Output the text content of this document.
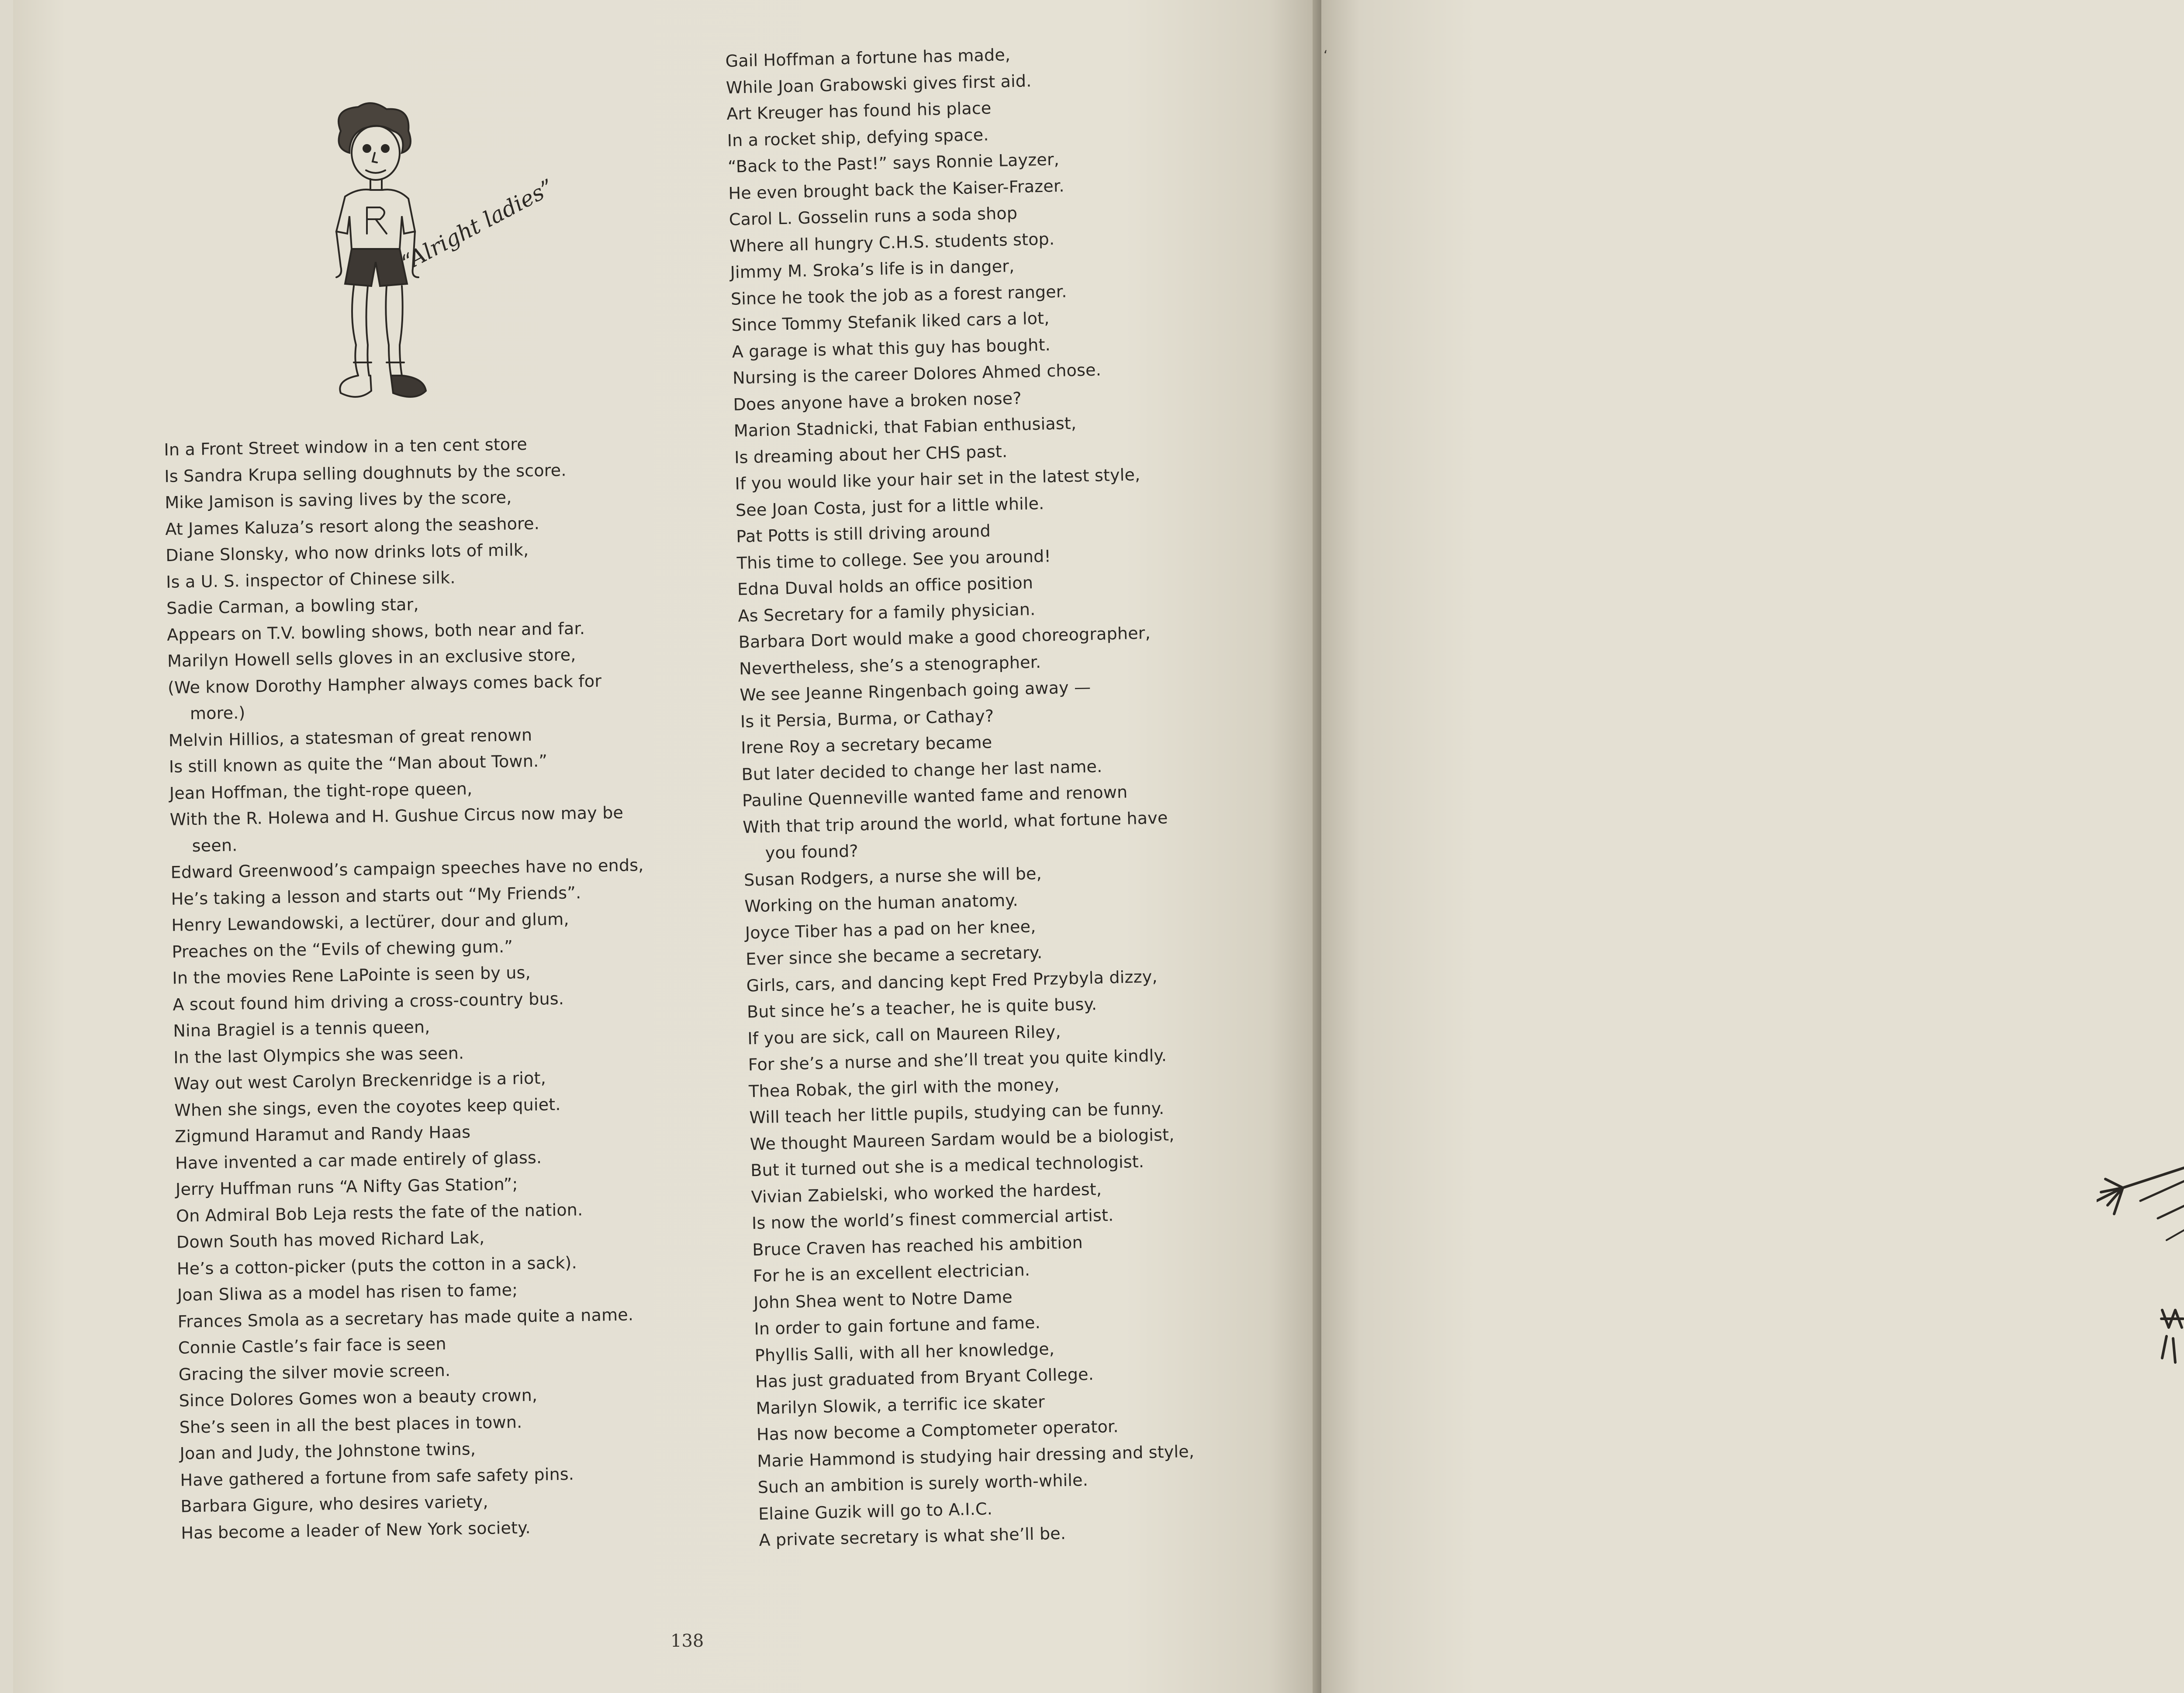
“Alright ladies”
In a Front Street window in a ten cent store
Is Sandra Krupa selling doughnuts by the score.
Mike Jamison is saving lives by the score,
At James Kaluza’s resort along the seashore.
Diane Slonsky, who now drinks lots of milk,
Is a U. S. inspector of Chinese silk.
Sadie Carman, a bowling star,
Appears on T.V. bowling shows, both near and far.
Marilyn Howell sells gloves in an exclusive store,
(We know Dorothy Hampher always comes back for
more.)
Melvin Hillios, a statesman of great renown
Is still known as quite the “Man about Town.”
Jean Hoffman, the tight-rope queen,
With the R. Holewa and H. Gushue Circus now may be
seen.
Edward Greenwood’s campaign speeches have no ends,
He’s taking a lesson and starts out “My Friends”.
Henry Lewandowski, a lectürer, dour and glum,
Preaches on the “Evils of chewing gum.”
In the movies Rene LaPointe is seen by us,
A scout found him driving a cross-country bus.
Nina Bragiel is a tennis queen,
In the last Olympics she was seen.
Way out west Carolyn Breckenridge is a riot,
When she sings, even the coyotes keep quiet.
Zigmund Haramut and Randy Haas
Have invented a car made entirely of glass.
Jerry Huffman runs “A Nifty Gas Station”;
On Admiral Bob Leja rests the fate of the nation.
Down South has moved Richard Lak,
He’s a cotton-picker (puts the cotton in a sack).
Joan Sliwa as a model has risen to fame;
Frances Smola as a secretary has made quite a name.
Connie Castle’s fair face is seen
Gracing the silver movie screen.
Since Dolores Gomes won a beauty crown,
She’s seen in all the best places in town.
Joan and Judy, the Johnstone twins,
Have gathered a fortune from safe safety pins.
Barbara Gigure, who desires variety,
Has become a leader of New York society.
Gail Hoffman a fortune has made,
While Joan Grabowski gives first aid.
Art Kreuger has found his place
In a rocket ship, defying space.
“Back to the Past!” says Ronnie Layzer,
He even brought back the Kaiser-Frazer.
Carol L. Gosselin runs a soda shop
Where all hungry C.H.S. students stop.
Jimmy M. Sroka’s life is in danger,
Since he took the job as a forest ranger.
Since Tommy Stefanik liked cars a lot,
A garage is what this guy has bought.
Nursing is the career Dolores Ahmed chose.
Does anyone have a broken nose?
Marion Stadnicki, that Fabian enthusiast,
Is dreaming about her CHS past.
If you would like your hair set in the latest style,
See Joan Costa, just for a little while.
Pat Potts is still driving around
This time to college. See you around!
Edna Duval holds an office position
As Secretary for a family physician.
Barbara Dort would make a good choreographer,
Nevertheless, she’s a stenographer.
We see Jeanne Ringenbach going away —
Is it Persia, Burma, or Cathay?
Irene Roy a secretary became
But later decided to change her last name.
Pauline Quenneville wanted fame and renown
With that trip around the world, what fortune have
you found?
Susan Rodgers, a nurse she will be,
Working on the human anatomy.
Joyce Tiber has a pad on her knee,
Ever since she became a secretary.
Girls, cars, and dancing kept Fred Przybyla dizzy,
But since he’s a teacher, he is quite busy.
If you are sick, call on Maureen Riley,
For she’s a nurse and she’ll treat you quite kindly.
Thea Robak, the girl with the money,
Will teach her little pupils, studying can be funny.
We thought Maureen Sardam would be a biologist,
But it turned out she is a medical technologist.
Vivian Zabielski, who worked the hardest,
Is now the world’s finest commercial artist.
Bruce Craven has reached his ambition
For he is an excellent electrician.
John Shea went to Notre Dame
In order to gain fortune and fame.
Phyllis Salli, with all her knowledge,
Has just graduated from Bryant College.
Marilyn Slowik, a terrific ice skater
Has now become a Comptometer operator.
Marie Hammond is studying hair dressing and style,
Such an ambition is surely worth-while.
Elaine Guzik will go to A.I.C.
A private secretary is what she’ll be.
138
‘
